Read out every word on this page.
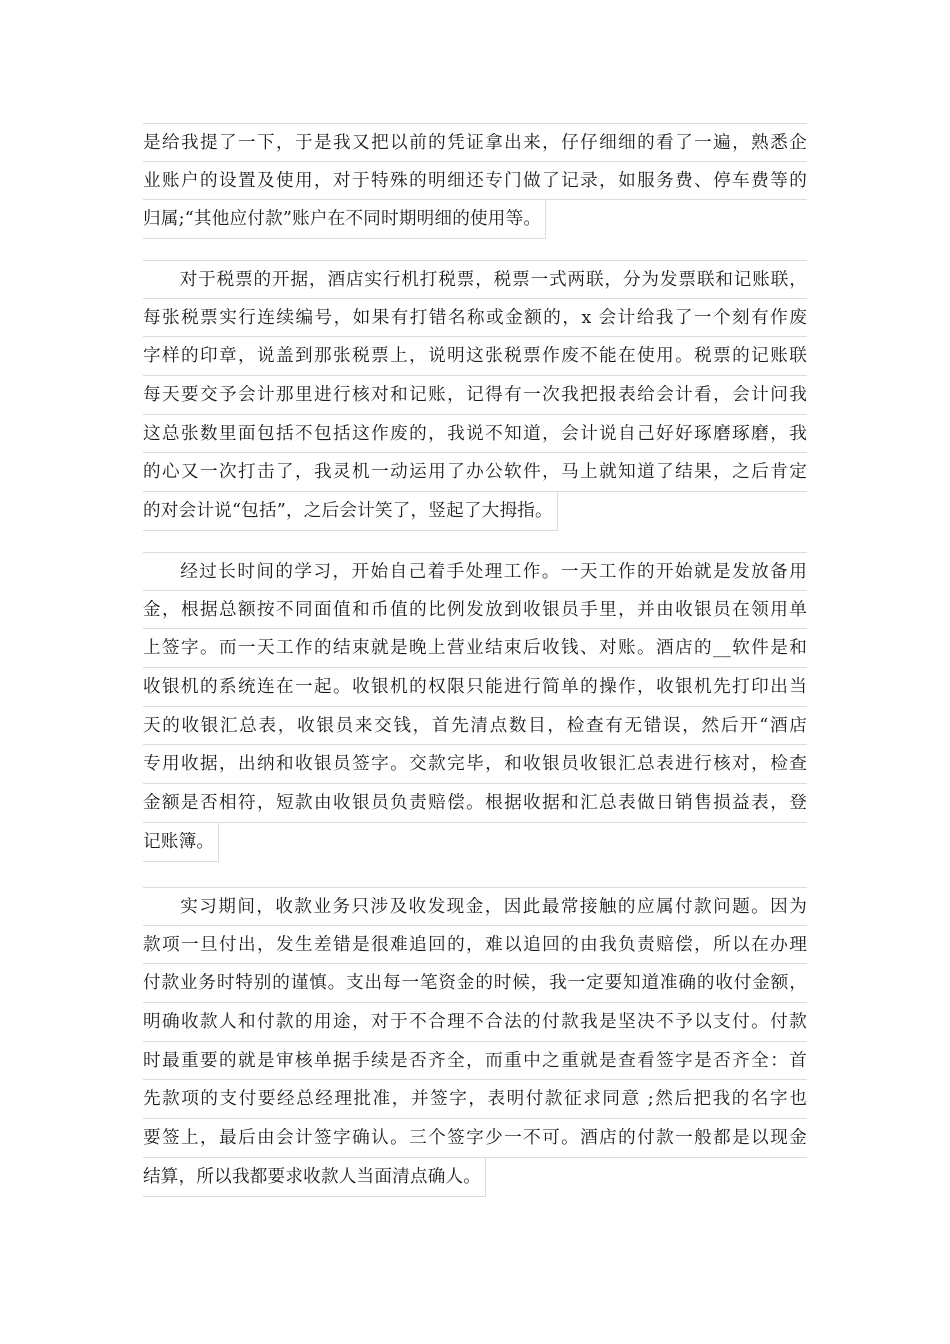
是给我提了一下，于是我又把以前的凭证拿出来，仔仔细细的看了一遍，熟悉企
业账户的设置及使用，对于特殊的明细还专门做了记录，如服务费、停车费等的
归属;“其他应付款”账户在不同时期明细的使用等。
对于税票的开据，酒店实行机打税票，税票一式两联，分为发票联和记账联，
每张税票实行连续编号，如果有打错名称或金额的，x 会计给我了一个刻有作废
字样的印章，说盖到那张税票上，说明这张税票作废不能在使用。税票的记账联
每天要交予会计那里进行核对和记账，记得有一次我把报表给会计看，会计问我
这总张数里面包括不包括这作废的，我说不知道，会计说自己好好琢磨琢磨，我
的心又一次打击了，我灵机一动运用了办公软件，马上就知道了结果，之后肯定
的对会计说“包括”，之后会计笑了，竖起了大拇指。
经过长时间的学习，开始自己着手处理工作。一天工作的开始就是发放备用
金，根据总额按不同面值和币值的比例发放到收银员手里，并由收银员在领用单
上签字。而一天工作的结束就是晚上营业结束后收钱、对账。酒店的__软件是和
收银机的系统连在一起。收银机的权限只能进行简单的操作，收银机先打印出当
天的收银汇总表，收银员来交钱，首先清点数目，检查有无错误，然后开“酒店
专用收据，出纳和收银员签字。交款完毕，和收银员收银汇总表进行核对，检查
金额是否相符，短款由收银员负责赔偿。根据收据和汇总表做日销售损益表，登
记账簿。
实习期间，收款业务只涉及收发现金，因此最常接触的应属付款问题。因为
款项一旦付出，发生差错是很难追回的，难以追回的由我负责赔偿，所以在办理
付款业务时特别的谨慎。支出每一笔资金的时候，我一定要知道准确的收付金额，
明确收款人和付款的用途，对于不合理不合法的付款我是坚决不予以支付。付款
时最重要的就是审核单据手续是否齐全，而重中之重就是查看签字是否齐全：首
先款项的支付要经总经理批准，并签字，表明付款征求同意 ;然后把我的名字也
要签上，最后由会计签字确认。三个签字少一不可。酒店的付款一般都是以现金
结算，所以我都要求收款人当面清点确人。
